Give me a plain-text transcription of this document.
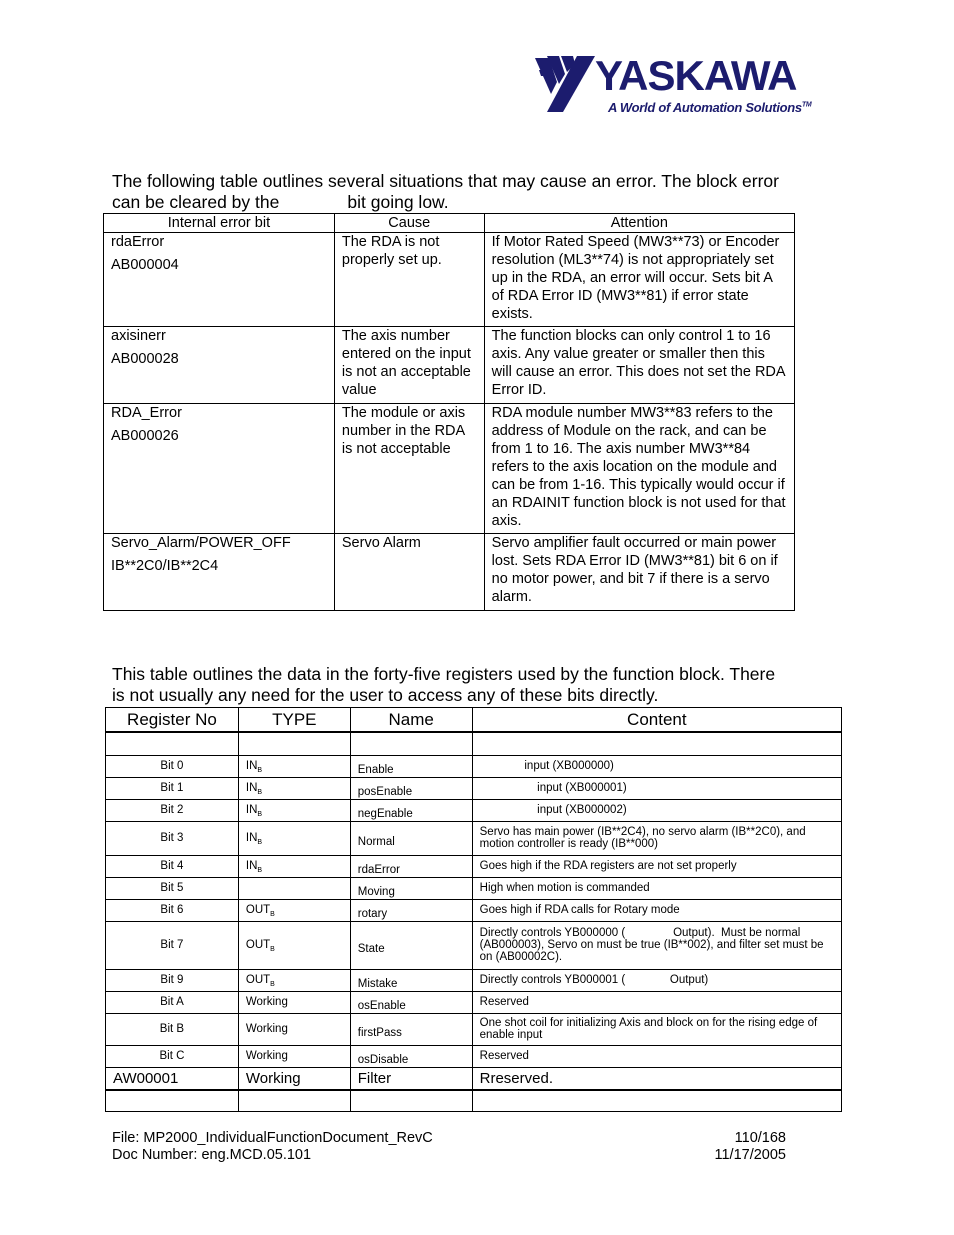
YASKAWA
A World of Automation Solutions™
The following table outlines several situations that may cause an error. The block error
can be cleared by the              bit going low.
Internal error bit	Cause	Attention

rdaError
AB000004	The RDA is not properly set up.	If Motor Rated Speed (MW3**73) or Encoder resolution (ML3**74) is not appropriately set up in the RDA, an error will occur. Sets bit A of RDA Error ID (MW3**81) if error state exists.

axisinerr
AB000028	The axis number entered on the input is not an acceptable value	The function blocks can only control 1 to 16 axis. Any value greater or smaller then this will cause an error. This does not set the RDA Error ID.

RDA_Error
AB000026	The module or axis number in the RDA is not acceptable	RDA module number MW3**83 refers to the address of Module on the rack, and can be from 1 to 16. The axis number MW3**84 refers to the axis location on the module and can be from 1-16. This typically would occur if an RDAINIT function block is not used for that axis.

Servo_Alarm/POWER_OFF
IB**2C0/IB**2C4	Servo Alarm	Servo amplifier fault occurred or main power lost. Sets RDA Error ID (MW3**81) bit 6 on if no motor power, and bit 7 if there is a servo alarm.
This table outlines the data in the forty-five registers used by the function block. There
is not usually any need for the user to access any of these bits directly.
Register No	TYPE	Name	Content

Bit 0	$IN_B$	Enable	input (XB000000)
Bit 1	$IN_B$	posEnable	input (XB000001)
Bit 2	$IN_B$	negEnable	input (XB000002)
Bit 3	$IN_B$	Normal	Servo has main power (IB**2C4), no servo alarm (IB**2C0), and motion controller is ready (IB**000)
Bit 4	$IN_B$	rdaError	Goes high if the RDA registers are not set properly
Bit 5		Moving	High when motion is commanded
Bit 6	$OUT_B$	rotary	Goes high if RDA calls for Rotary mode
Bit 7	$OUT_B$	State	Directly controls YB000000 (               Output).  Must be normal (AB000003), Servo on must be true (IB**002), and filter set must be on (AB00002C).
Bit 9	$OUT_B$	Mistake	Directly controls YB000001 (              Output)
Bit A	Working	osEnable	Reserved
Bit B	Working	firstPass	One shot coil for initializing Axis and block on for the rising edge of enable input
Bit C	Working	osDisable	Reserved
AW00001	Working	Filter	Rreserved.

File: MP2000_IndividualFunctionDocument_RevC
Doc Number: eng.MCD.05.101
110/168
11/17/2005
